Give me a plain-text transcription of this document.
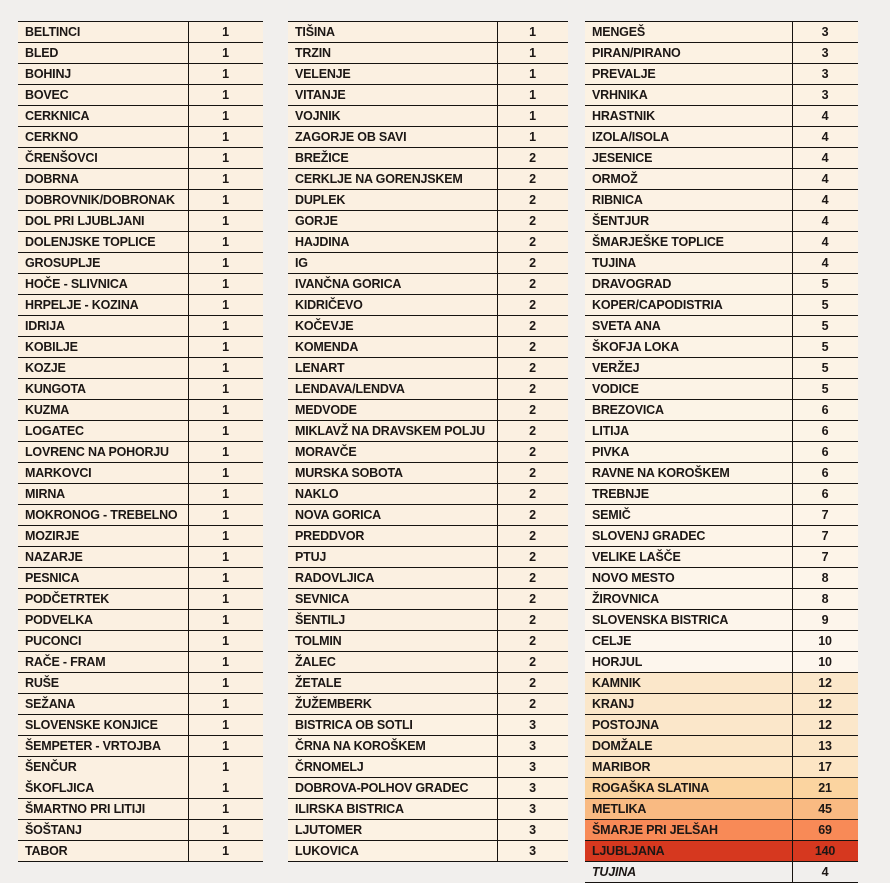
BELTINCI	1
BLED	1
BOHINJ	1
BOVEC	1
CERKNICA	1
CERKNO	1
ČRENŠOVCI	1
DOBRNA	1
DOBROVNIK/DOBRONAK	1
DOL PRI LJUBLJANI	1
DOLENJSKE TOPLICE	1
GROSUPLJE	1
HOČE - SLIVNICA	1
HRPELJE - KOZINA	1
IDRIJA	1
KOBILJE	1
KOZJE	1
KUNGOTA	1
KUZMA	1
LOGATEC	1
LOVRENC NA POHORJU	1
MARKOVCI	1
MIRNA	1
MOKRONOG - TREBELNO	1
MOZIRJE	1
NAZARJE	1
PESNICA	1
PODČETRTEK	1
PODVELKA	1
PUCONCI	1
RAČE - FRAM	1
RUŠE	1
SEŽANA	1
SLOVENSKE KONJICE	1
ŠEMPETER - VRTOJBA	1
ŠENČUR	1
ŠKOFLJICA	1
ŠMARTNO PRI LITIJI	1
ŠOŠTANJ	1
TABOR	1
TIŠINA	1
TRZIN	1
VELENJE	1
VITANJE	1
VOJNIK	1
ZAGORJE OB SAVI	1
BREŽICE	2
CERKLJE NA GORENJSKEM	2
DUPLEK	2
GORJE	2
HAJDINA	2
IG	2
IVANČNA GORICA	2
KIDRIČEVO	2
KOČEVJE	2
KOMENDA	2
LENART	2
LENDAVA/LENDVA	2
MEDVODE	2
MIKLAVŽ NA DRAVSKEM POLJU	2
MORAVČE	2
MURSKA SOBOTA	2
NAKLO	2
NOVA GORICA	2
PREDDVOR	2
PTUJ	2
RADOVLJICA	2
SEVNICA	2
ŠENTILJ	2
TOLMIN	2
ŽALEC	2
ŽETALE	2
ŽUŽEMBERK	2
BISTRICA OB SOTLI	3
ČRNA NA KOROŠKEM	3
ČRNOMELJ	3
DOBROVA-POLHOV GRADEC	3
ILIRSKA BISTRICA	3
LJUTOMER	3
LUKOVICA	3
MENGEŠ	3
PIRAN/PIRANO	3
PREVALJE	3
VRHNIKA	3
HRASTNIK	4
IZOLA/ISOLA	4
JESENICE	4
ORMOŽ	4
RIBNICA	4
ŠENTJUR	4
ŠMARJEŠKE TOPLICE	4
TUJINA	4
DRAVOGRAD	5
KOPER/CAPODISTRIA	5
SVETA ANA	5
ŠKOFJA LOKA	5
VERŽEJ	5
VODICE	5
BREZOVICA	6
LITIJA	6
PIVKA	6
RAVNE NA KOROŠKEM	6
TREBNJE	6
SEMIČ	7
SLOVENJ GRADEC	7
VELIKE LAŠČE	7
NOVO MESTO	8
ŽIROVNICA	8
SLOVENSKA BISTRICA	9
CELJE	10
HORJUL	10
KAMNIK	12
KRANJ	12
POSTOJNA	12
DOMŽALE	13
MARIBOR	17
ROGAŠKA SLATINA	21
METLIKA	45
ŠMARJE PRI JELŠAH	69
LJUBLJANA	140
TUJINA	4
